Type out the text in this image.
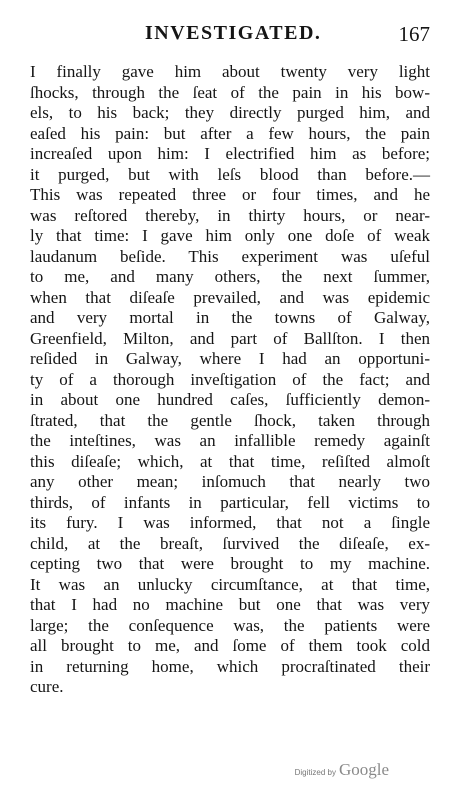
INVESTIGATED.	167
I finally gave him about twenty very light
ſhocks, through the ſeat of the pain in his bow-
els, to his back; they directly purged him, and
eaſed his pain: but after a few hours, the pain
increaſed upon him: I electrified him as before;
it purged, but with leſs blood than before.—
This was repeated three or four times, and he
was reſtored thereby, in thirty hours, or near-
ly that time: I gave him only one doſe of weak
laudanum beſide. This experiment was uſeful
to me, and many others, the next ſummer,
when that diſeaſe prevailed, and was epidemic
and very mortal in the towns of Galway,
Greenfield, Milton, and part of Ballſton. I then
reſided in Galway, where I had an opportuni-
ty of a thorough inveſtigation of the fact; and
in about one hundred caſes, ſufficiently demon-
ſtrated, that the gentle ſhock, taken through
the inteſtines, was an infallible remedy againſt
this diſeaſe; which, at that time, reſiſted almoſt
any other mean; inſomuch that nearly two
thirds, of infants in particular, fell victims to
its fury. I was informed, that not a ſingle
child, at the breaſt, ſurvived the diſeaſe, ex-
cepting two that were brought to my machine.
It was an unlucky circumſtance, at that time,
that I had no machine but one that was very
large; the conſequence was, the patients were
all brought to me, and ſome of them took cold
in returning home, which procraſtinated their
cure.
Digitized by Google
